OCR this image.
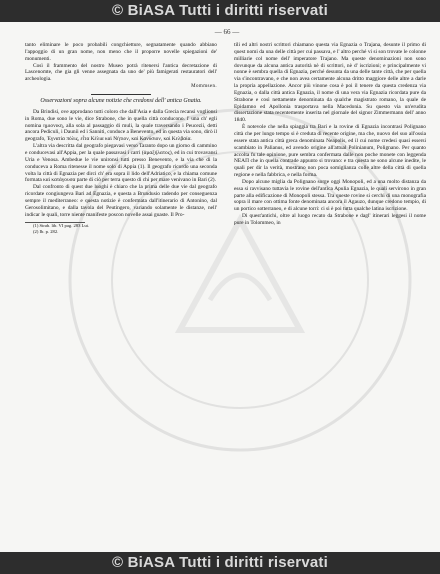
© BiASA Tutti i diritti riservati
— 66 —

tanto eliminare le poco probabili congchietture, segnatamente quando abbiano l'appoggio di un gran nome, non meno che il proporre novelle spiegazioni de' monumenti.

Così il frammento del nostro Museo potrà ritenersi l'antica decretazione di Lascenomte, che gia gli venne assegnata da uno de' più famigerati restauratori dell' archeologia.

Mommsen.
Osservazioni sopra alcune notizie che credonsi dell' antica Gnatia.

Da Brindisi, ove approdano tutti coloro che dall'Asia e dalla Grecia recansi voglionsi in Roma, due sono le vie, dice Strabone, che in quella città conducono. l' una ch' egli nomina ημιοvικη, alla sola al passaggio di muli, la quale traversando i Peucezii, detti ancora Pediculi, i Daunii ed i Sanniti, conduce a Benevento, ed in questa via sono, dirò il geografo, Ἐγνατία πόλις, εἶτα Κέλια καὶ Νήτιον, καὶ Κανύσιον, καὶ Κελβαία.

L'altra via descritta dal geografo piegavasi verso Taranto dopo un giorno di cammino e conducevasi all'Appia, per la quale passavasi i carri (ἁμαξήλατος), ed in cui trovavansi Uria e Venosa. Ambedue le vie unironsi tutti presso Benevento, e la via che di la conduceva a Roma ritenesse il nome solo di Appia (1). Il geografo ricordo una seconda volta la città di Egnazia per dirci ch' era sopra il lido dell'Adriatico, e la chiama comune formata καὶ κατάγουσα parte di ciò per terra questo di chi per mare venivano in Bari (2).

Dal confronto di quest due luoghi è chiaro che la prima delle due vie dal geografo ricordate congiungeva Bari ad Egnazia, e questa a Brundusio radendo per conseguenza sempre il mediterraneo: e questa notizie è confermata dall'itinerario di Antonino, dal Gerosolimitano, e dalla tavola del Peutingero, variando solamente le distanze, nell' indicar le quali, torre niente manifeste poscon novelle assai guaste. Il Pro-

(1) Strab. lib. VI pag. 283 Lut.

(2) Ib. p. 282.

tili ed altri nostri scrittori chiamano questa via Egnazia o Trajana, desunte il primo di quest nomi da una delle città per cui passava, e l' altro perché vi si son trovate le colonne milliarie col nome dell' imperatore Trajano. Ma queste denominazioni non sono dovunque da alcuna antica autorità nè di scrittori, nè d' iscrizioni; e principalmente vi nonne è sembra quella di Egnazia, perché desunta da una delle tante città, che per quella via s'incontravano, e che non avea certamente alcuna dritto maggiore delle altre a darle la propria appellazione. Ancor più vinone cosa è poi il tenere da questa credenza via Egnazia, o dalla città antica Egnazia, il nome di una vera via Egnazia ricordata pure da Strabone e così nettamente denominata da qualche magistrato romano, la quale de Epidamno ed Apollonia trasportava nella Macedonia. Su questo via un'erudita dissertazione stata recentemente inserita nel giornale del signor Zimmermann dell' anno 1840.

È notevole che nella spiaggia tra Bari e la rovine di Egnazia incontrasi Polignano città che per lungo tempo si è creduta di recente origine, ma che, nuovo del suo all'ossia essere stata antica città greca denominata Neapolis, ed il cui nome credesi quasi essersi scambiato in Palianus, ed avendo origine all'attual Polinianum, Polignano. Per quanto accolta fu tale opinione, pure sembra confermata dalle non poche monete con leggenda ΝΕΑΠ che in quella contrade appunto si trovano: e tra questa ne sono alcune inedite, le quali per dir la verità, mostrano non poca somiglianza colle altre della città di quella regione e nella fabbrica, e nella forma.

Dopo alcune miglia da Polignano sorge oggi Monopoli, ed a una molto distanza da essa si ravvisano tuttavia le rovine dell'antica Apulia Egnazia, le quali servirono in gran parte alla edificazione di Monopoli stessa. Tra queste rovine si cerchi di una monografia sopra il mare con ottima fonte denominata ancora il Agauzo, dunque credono tempio, di un portico sotterraneo, e di alcune torri: ci si è poi tutta qualche latina iscrizione.

Di quest'antichi, oltre al luogo recato da Strabone e dagl' itinerari leggesi il nome pure in Tolommeo, in

© BiASA Tutti i diritti riservati
